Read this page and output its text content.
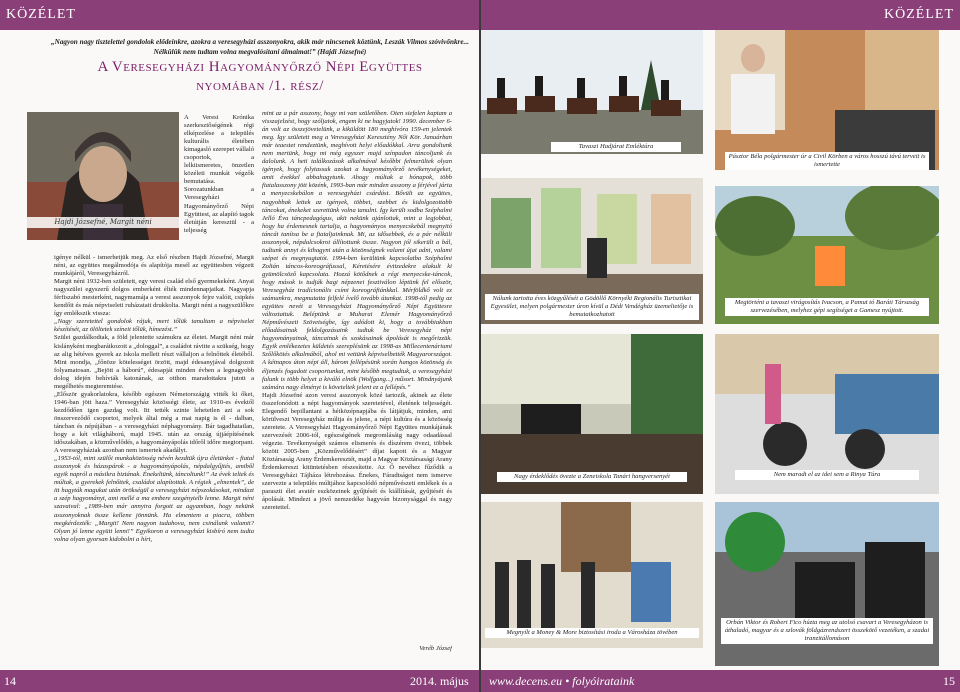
KÖZÉLET
„Nagyon nagy tisztelettel gondolok elődeinkre, azokra a veresegyházi asszonyokra, akik már nincsenek köztünk, Leszák Vilmos szóvivőnkre... Nélkülük nem tudtam volna megvalósítani álmaimat!” (Hajdi Józsefné)
A Veresegyházi Hagyományőrző Népi Együttes
nyomában /1. rész/
Hajdi Józsefné, Margit néni

A Veresi Krónika szerkesztőségének régi elképzelése a település kulturális életében kimagasló szerepet vállaló csoportok, a lelkiismeretes, önzetlen közéleti munkát végzők bemutatása. Sorozatunkban a Veresegyházi Hagyományőrző Népi Együttest, az alapító tagok életútján keresztül - a teljesség

igénye nélkül - ismerhetjük meg. Az első részben Hajdi Józsefné, Margit néni, az együttes megálmodója és alapítója mesél az együttesben végzett munkájáról, Veresegyházról.

Margit néni 1932-ben született, egy veresi család első gyermekeként. Anyai nagyszülei egyszerű dolgos emberként élték mindennapjaikat. Nagyapja férfiszabó mesterként, nagymamája a veresi asszonyok fejre valóit, csipkés kendőit és más népviseleti ruházatait drukkolta. Margit néni a nagyszülőkre így emlékszik vissza:

„Nagy szeretettel gondolok rájuk, mert tőlük tanultam a népviselet készítését, az ölöltetek színeit tőlük, hímezést.”

Szülei gazdálkodtak, a föld jelentette számukra az életet. Margit néni már kislányként megbarátkozott a „dologgal”, a családot rávitte a szükség, hogy az alig hétéves gyerek az iskola mellett részt vállaljon a felnőttek életéből. Mint mondja, „főnöze kötelességet örzött, majd édesanyjával dolgozott folyamatosan. „Bejött a háború”, édesapját minden évben a legnagyobb dolog idején behívták katonának, az otthon maradottakra jutott a megélhetés megteremtése.

„Először gyakorlatokra, később egészen Németországig vitték ki őket, 1946-ban jött haza.” Veresegyház közösségi élete, az 1910-es évektől kezdődően igen gazdag volt. Itt tették szinte lehetetlen azt a sok önszerveződő csoportot, melyek által még a mai napig is él - dalban, táncban és népújában - a veresegyházi néphagyomány. Bár tagadhatatlan, hogy a két világháború, majd 1945. után az ország újjáépítésének időszakában, a közművelődés, a hagyományápolás időről időre megtorpant. A veresegyháziak azonban nem ismertek akadályt.

„1953-tól, mint szülői munkaközösség névén kezdtük újra életünket - fiatal asszonyok és házaspárok - a hagyományápolás, népdalgyűjtés, amiből egyik napról a másikra biztának. Énekeltünk, táncoltunk!” Az évek teltek és múltak, a gyerekek felnőttek, családot alapítottak. A régiek „elmentek”, de itt hagyták magukat után örökségül a veresegyházi népszokásokat, mindazt a szép hagyományt, ami mellé a ma embere szegénytelb lenne. Margit néni szavaival: „1989-ben már annyira forgott az agyamban, hogy nekünk asszonyoknak össze kellene jönnünk. Ha elmentem a piacra, többen megkérdezték: „Margit! Nem nagyon tudahova, nem csinálunk valamit? Olyan jó lenne együtt lenni!” Egyikoron a veresegyházi kisbíró nem tudta volna olyan gyorsan kidobolni a hírt,

mint az a pár asszony, hogy mi van születőben. Öten siefelen kaptam a visszajelzést, hogy szóljatok, engem ki ne hagyjatok! 1990. december 6-án volt az összejövetelünk, a kiküldött 180 meghívóra 159-en jelentek meg. Így született meg a Veresegyházi Keresztény Női Kör. Januárban már teaestet rendeztünk, meghívott helyi előadókkal. Arra gondoltunk nem mertünk, hogy mi még egyszer majd színpadon táncoljunk és dalolunk. A heti találkozások alkalmával későbbi felmerültek olyan igények, hogy folytassuk azokat a hagyományőrző tevékenységeket, amit évekkel abbahagytunk. Ahogy múltak a hónapok, több fiatalasszony jött közénk, 1993-ban már minden asszony a férjével járta a menyecskebálon a veresegyházi csárdást. Bővült az együttes, nagyobbak lettek az igények, többet, szebbet és kidolgozottabb táncokat, énekeket szerettünk volna tanulni. Így került sodba Széphalmi Jelló Éva táncpedagógus, akit nekünk ajánlottak, mint a legjobbat, hogy ha érdemesnek tartalja, a hagyományos menyecskebál megnyitó táncát tanítsa be a fiataljainknak. Mi, az idősebbek, és a pár nélküli asszonyok, népdalcsokrot állítottunk össze. Nagyon jól sikerült a bál, tudtunk annyi és kihagyni után a közönségnek valami újat adni, valami szépet és megnyugtatót. 1994-ben kerültünk kapcsolatba Széphalmi Zoltán táncos-koreográfussal, Kéretésére évtizedekre alakult ki gyümölcsöző kapcsolata. Hozzá kötődnek a régi menyecske-táncok, hogy mások is tudják bagi népzenei fesztiválon léptünk fel először, Veresegyház tradícionális csími koreográfiánkkal. Mérföldkő volt ez számunkra, megmutatta felfelé ívelő tovább útunkat. 1998-tól pedig az együttes nevét a Veresegyházi Hagyományőrző Népi Együttesre változtattuk. Beléptünk a Muharai Elemér Hagyományőrző Népművészeti Szövetségbe, így adódott ki, hogy a továbbiakban előadásainak feldolgozásaink tudtuk be Veresegyház népi hagyományainak, táncainak és szokásainak ápolását is megőrizzük. Egyik emlékezetes küldetés szereplésünk az 1998-as Millecentenáriumi Szőlőkötés alkalmából, ahol mi vettünk képviselbették Magyarországot. A kétnapos úton népi áll, három fellépésünk során hangos közönség és éljenzés fogadott csoportunkat, mint később megtudtuk, a veresegyházi falunk is több helyet a kiváló elnök (Wolfgang...) műsort. Mindnyájunk számára nagy élményt is követeltek jelent ez a fellépés.”

Hajdi Józsefné azon veresi asszonyok közé tartozik, akinek az élete összefonódott a népi hagyományok szeretetével, életének teljességét. Elegendő bepillantani a hétközépnapjába és látjátjuk, minden, ami körülveszi Veresegyház múltja és jelene, a népi kultúra és a közösség szeretete. A Veresegyházi Hagyományőrző Népi Együttes munkájának szervezését 2006-tól, egészségének megromlásáig nagy odaadással végezte. Tevékenységét számos elismerés és díszérem övezi, többek között 2005-ben „Közművelődésért” díjat kapott és a Magyar Köztársaság Arany Érdemkeresztét, majd a Magyar Köztársasági Arany Érdemkereszt kitüntetésben részesítette. Az Ő nevéhez fűződik a Veresegyházi Tájháza létrehozása. Énekes, Fáradtságot nem ismerve szervezte a település múltjához kapcsolódó népművészeti emlékek és a paraszti élet avatér eszközeinek gyűjtését és kiállítását, gyűjtését és ápolását. Mindezt a jövő nemzedéke hagyván bizonysággal és nagy szeretettel.

Veréb József
14	2014. május
KÖZÉLET
Tavaszi Hadjárat Emléktúra
Pásztor Béla polgármester úr a Civil Körben a város hosszú távú terveit is ismertette
Nálunk tartotta éves közgyűlését a Gödöllő Környéki Regionális Turisztikai Egyesület, melyen polgármester úron kívül a Dédi Vendégház üzemeltetője is bemutatkozhatott
Megtörtént a tavaszi virágosítás Ivacson, a Pamut tó Baráti Társaság szervezésében, melyhez gépi segítséget a Gamesz nyújtott.
Nagy érdeklődés övezte a Zeneiskola Tanári hangversenyét	Nem maradt el az idei sem a Rinya Túra
Megnyílt a Money & More biztosítási iroda a Városháza tövében
Orbán Viktor és Robert Fico húzta meg az utolsó csavart a Veresegyházon is áthaladó, magyar és a szlovák földgázrendszert összekötő vezetéken, a szadai tranzitállomáson
www.decens.eu • folyóirataink	15
